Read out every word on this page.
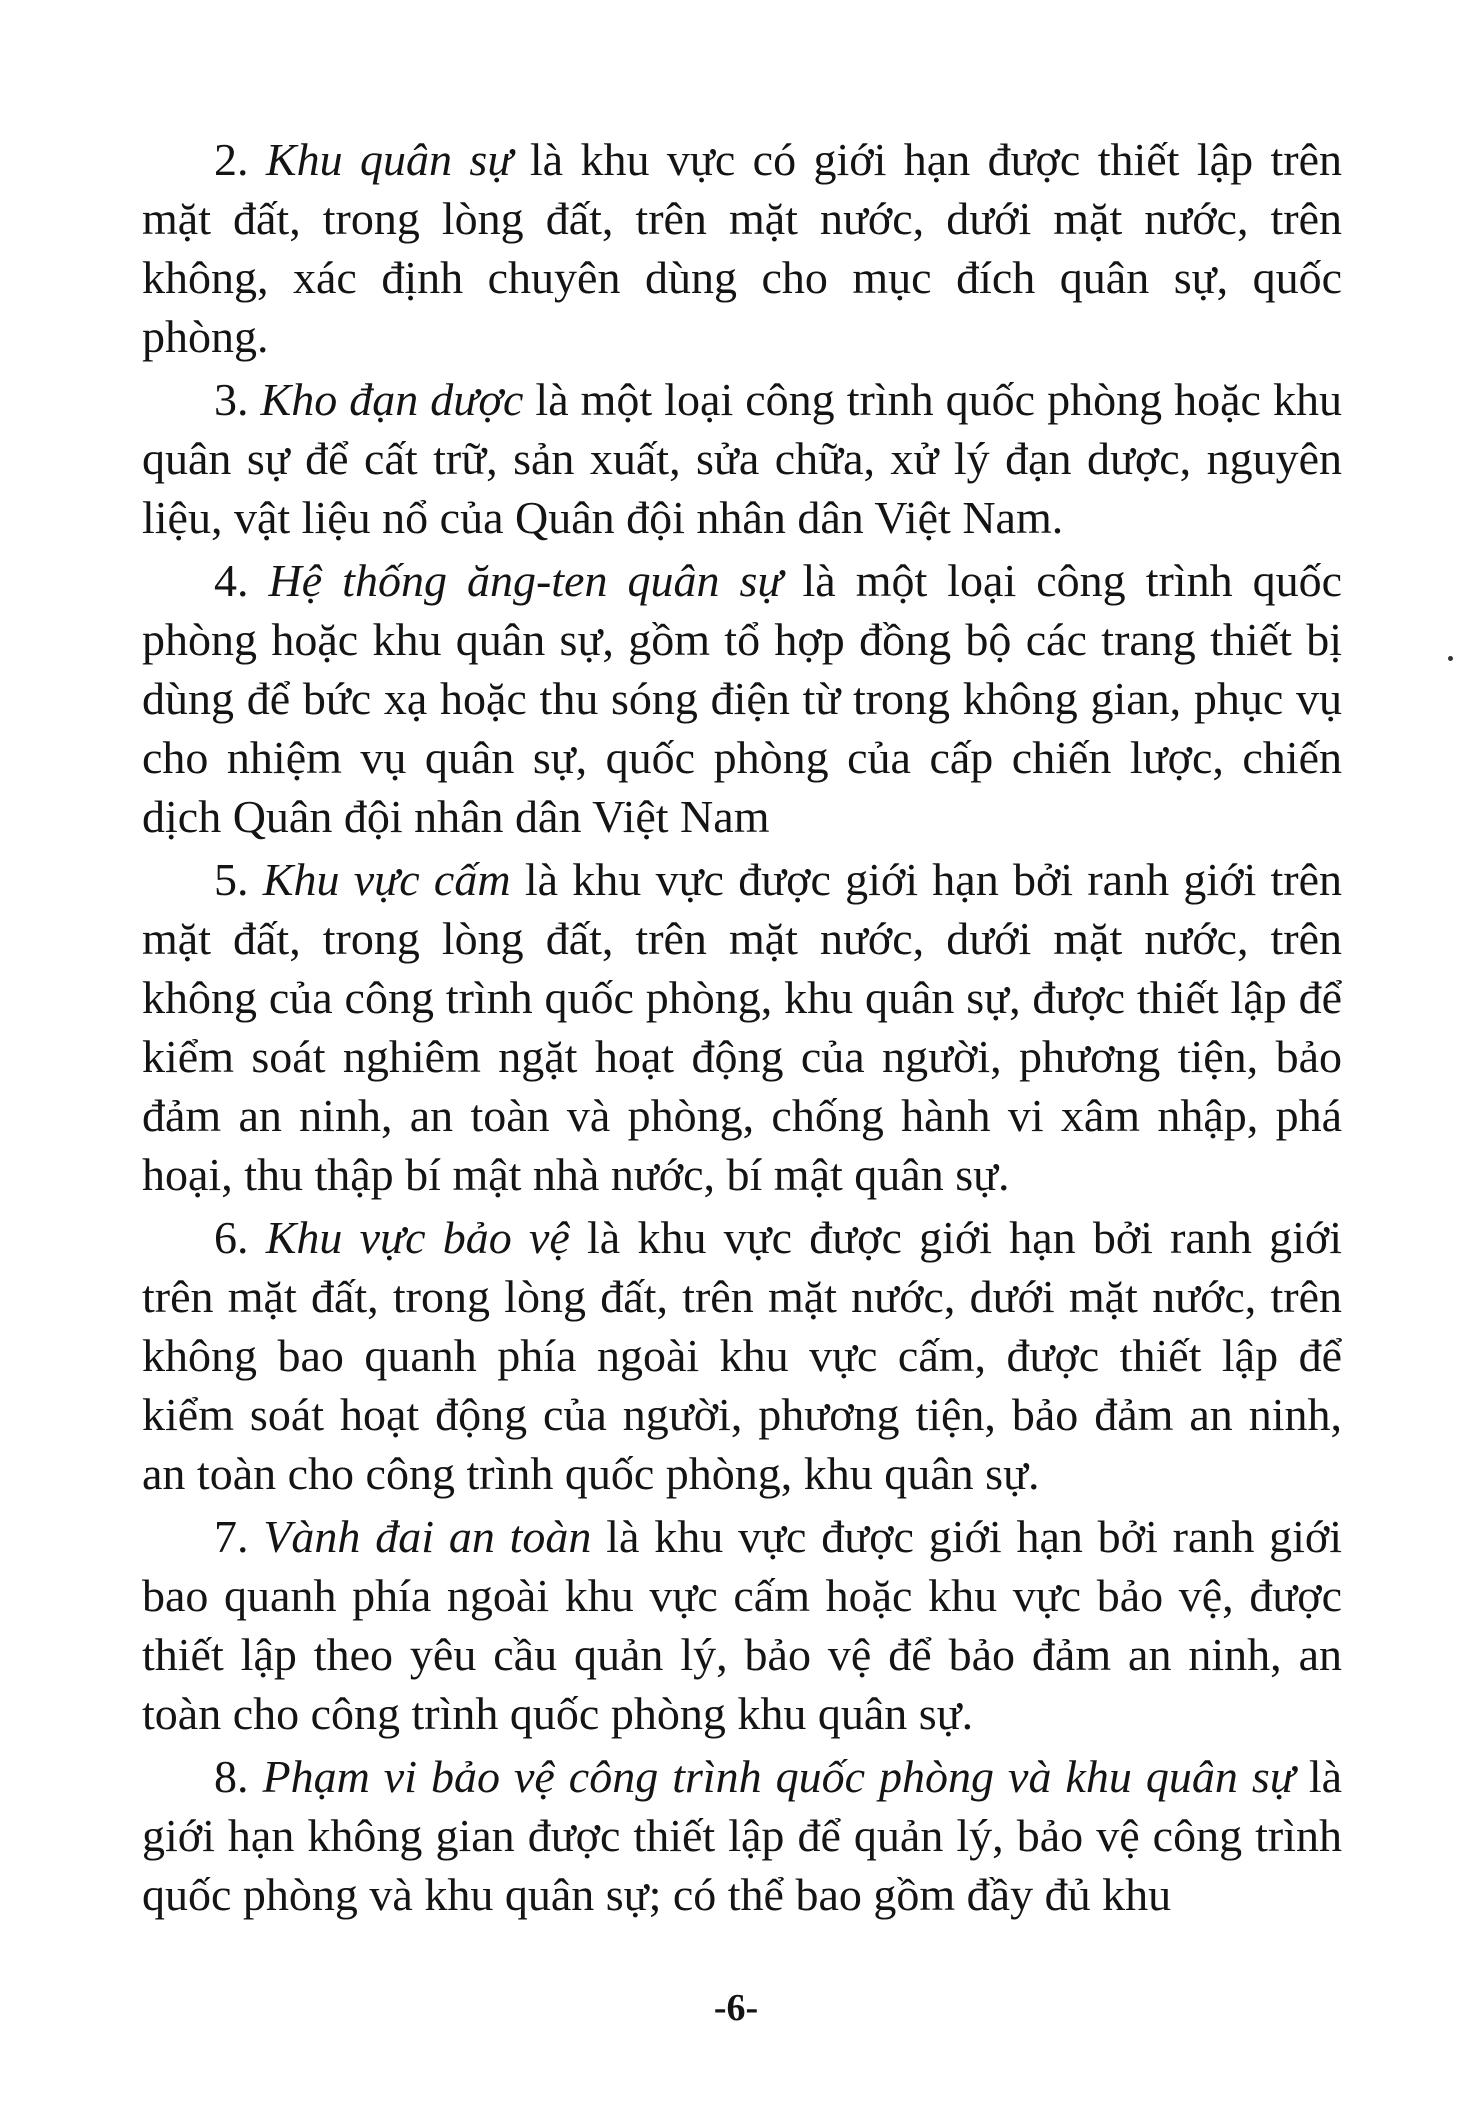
2. Khu quân sự là khu vực có giới hạn được thiết lập trên mặt đất, trong lòng đất, trên mặt nước, dưới mặt nước, trên không, xác định chuyên dùng cho mục đích quân sự, quốc phòng.

3. Kho đạn dược là một loại công trình quốc phòng hoặc khu quân sự để cất trữ, sản xuất, sửa chữa, xử lý đạn dược, nguyên liệu, vật liệu nổ của Quân đội nhân dân Việt Nam.

4. Hệ thống ăng-ten quân sự là một loại công trình quốc phòng hoặc khu quân sự, gồm tổ hợp đồng bộ các trang thiết bị dùng để bức xạ hoặc thu sóng điện từ trong không gian, phục vụ cho nhiệm vụ quân sự, quốc phòng của cấp chiến lược, chiến dịch Quân đội nhân dân Việt Nam

5. Khu vực cấm là khu vực được giới hạn bởi ranh giới trên mặt đất, trong lòng đất, trên mặt nước, dưới mặt nước, trên không của công trình quốc phòng, khu quân sự, được thiết lập để kiểm soát nghiêm ngặt hoạt động của người, phương tiện, bảo đảm an ninh, an toàn và phòng, chống hành vi xâm nhập, phá hoại, thu thập bí mật nhà nước, bí mật quân sự.

6. Khu vực bảo vệ là khu vực được giới hạn bởi ranh giới trên mặt đất, trong lòng đất, trên mặt nước, dưới mặt nước, trên không bao quanh phía ngoài khu vực cấm, được thiết lập để kiểm soát hoạt động của người, phương tiện, bảo đảm an ninh, an toàn cho công trình quốc phòng, khu quân sự.

7. Vành đai an toàn là khu vực được giới hạn bởi ranh giới bao quanh phía ngoài khu vực cấm hoặc khu vực bảo vệ, được thiết lập theo yêu cầu quản lý, bảo vệ để bảo đảm an ninh, an toàn cho công trình quốc phòng khu quân sự.

8. Phạm vi bảo vệ công trình quốc phòng và khu quân sự là giới hạn không gian được thiết lập để quản lý, bảo vệ công trình quốc phòng và khu quân sự; có thể bao gồm đầy đủ khu

-6-
